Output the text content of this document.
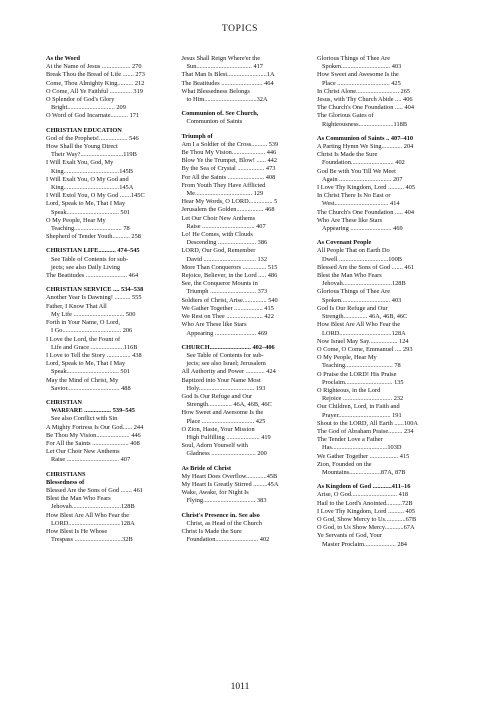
TOPICS
As the Word
At the Name of Jesus .................. 270
Break Thou the Bread of Life ....... 273
Come, Thou Almighty King.......... 212
O Come, All Ye Faithful .............. 319
O Splendor of God's Glory
Bright.............................. 209
O Word of God Incarnate........... 171
CHRISTIAN EDUCATION
God of the Prophets!.................. 546
How Shall the Young Direct
Their Way?...........................119B
I Will Exalt You, God, My
King...................................145B
I Will Exalt You, O My God and
King...................................145A
I Will Extol You, O My God .......145C
Lord, Speak to Me, That I May
Speak................................. 501
O My People, Hear My
Teaching.............................. 78
Shepherd of Tender Youth........... 258
CHRISTIAN LIFE........... 474–545
See Table of Contents for sub-
jects; see also Daily Living
The Beatitudes .......................... 464
CHRISTIAN SERVICE .... 534–538
Another Year Is Dawning! .......... 555
Father, I Know That All
My Life ................................ 500
Forth in Your Name, O Lord,
I Go..................................... 206
I Love the Lord, the Fount of
Life and Grace .....................116B
I Love to Tell the Story ............... 438
Lord, Speak to Me, That I May
Speak................................. 501
May the Mind of Christ, My
Savior................................. 488
CHRISTIAN
WARFARE ................. 539–545
See also Conflict with Sin
A Mighty Fortress Is Our God...... 244
Be Thou My Vision..................... 446
For All the Saints ....................... 408
Let Our Choir New Anthems
Raise ................................. 407
CHRISTIANS
Blessedness of
Blessed Are the Sons of God ....... 461
Blest the Man Who Fears
Jehovah...............................128B
How Blest Are All Who Fear the
LORD.................................128A
How Blest Is He Whose
Trespass ..............................32B
Jesus Shall Reign Where'er the
Sun................................... 417
That Man Is Blest.........................1A
The Beatitudes .......................... 464
What Blessedness Belongs
to Him.................................32A
Communion of. See Church,
Communion of Saints
Triumph of
Am I a Soldier of the Cross.......... 539
Be Thou My Vision..................... 446
Blow Ye the Trumpet, Blow! ...... 442
By the Sea of Crystal ................. 473
For All the Saints ....................... 408
From Youth They Have Afflicted
Me.................................... 129
Hear My Words, O LORD............... 5
Jerusalem the Golden................. 468
Let Our Choir New Anthems
Raise ................................. 407
Lo! He Comes, with Clouds
Descending ........................ 386
LORD, Our God, Remember
David ................................. 132
More Than Conquerors ............... 515
Rejoice, Believer, in the Lord ..... 486
See, the Conqueror Mounts in
Triumph ............................. 373
Soldiers of Christ, Arise............... 540
We Gather Together .................. 415
We Rest on Thee ....................... 422
Who Are These like Stars
Appearing .......................... 469
CHURCH.......................... 402–406
See Table of Contents for sub-
jects; see also Israel; Jerusalem
All Authority and Power ............ 424
Baptized into Your Name Most
Holy................................... 193
God Is Our Refuge and Our
Strength............... 46A, 46B, 46C
How Sweet and Awesome Is the
Place ................................. 425
O Zion, Haste, Your Mission
High Fulfilling ..................... 419
Soul, Adorn Yourself with
Gladness ............................ 200
As Bride of Christ
My Heart Does Overflow.............45B
My Heart Is Greatly Stirred .........45A
Wake, Awake, for Night Is
Flying................................. 383
Christ's Presence in. See also
Christ, as Head of the Church
Christ Is Made the Sure
Foundation........................... 402
Glorious Things of Thee Are
Spoken............................... 403
How Sweet and Awesome Is the
Place ................................. 425
In Christ Alone........................... 265
Jesus, with Thy Church Abide .... 406
The Church's One Foundation ..... 404
The Glorious Gates of
Righteousness......................118B
As Communion of Saints .. 407–410
A Parting Hymn We Sing............. 204
Christ Is Made the Sure
Foundation........................... 402
God Be with You Till We Meet
Again ................................. 207
I Love Thy Kingdom, Lord .......... 405
In Christ There Is No East or
West.................................. 414
The Church's One Foundation ..... 404
Who Are These like Stars
Appearing .......................... 469
As Covenant People
All People That on Earth Do
Dwell ...............................100B
Blessed Are the Sons of God ....... 461
Blest the Man Who Fears
Jehovah...............................128B
Glorious Things of Thee Are
Spoken............................... 403
God Is Our Refuge and Our
Strength............... 46A, 46B, 46C
How Blest Are All Who Fear the
LORD.................................128A
Now Israel May Say.................. 124
O Come, O Come, Emmanuel .... 293
O My People, Hear My
Teaching.............................. 78
O Praise the LORD! His Praise
Proclaim.............................. 135
O Righteous, in the Lord
Rejoice ............................... 232
Our Children, Lord, in Faith and
Prayer................................. 191
Shout to the LORD, All Earth ......100A
The God of Abraham Praise......... 234
The Tender Love a Father
Has...................................103D
We Gather Together .................. 415
Zion, Founded on the
Mountains....................87A, 87B
As Kingdom of God ............411–16
Arise, O God............................. 418
Hail to the Lord's Anointed..........72B
I Love Thy Kingdom, Lord .......... 405
O God, Show Mercy to Us.............67B
O God, to Us Show Mercy............67A
Ye Servants of God, Your
Master Proclaim.................... 284
1011
